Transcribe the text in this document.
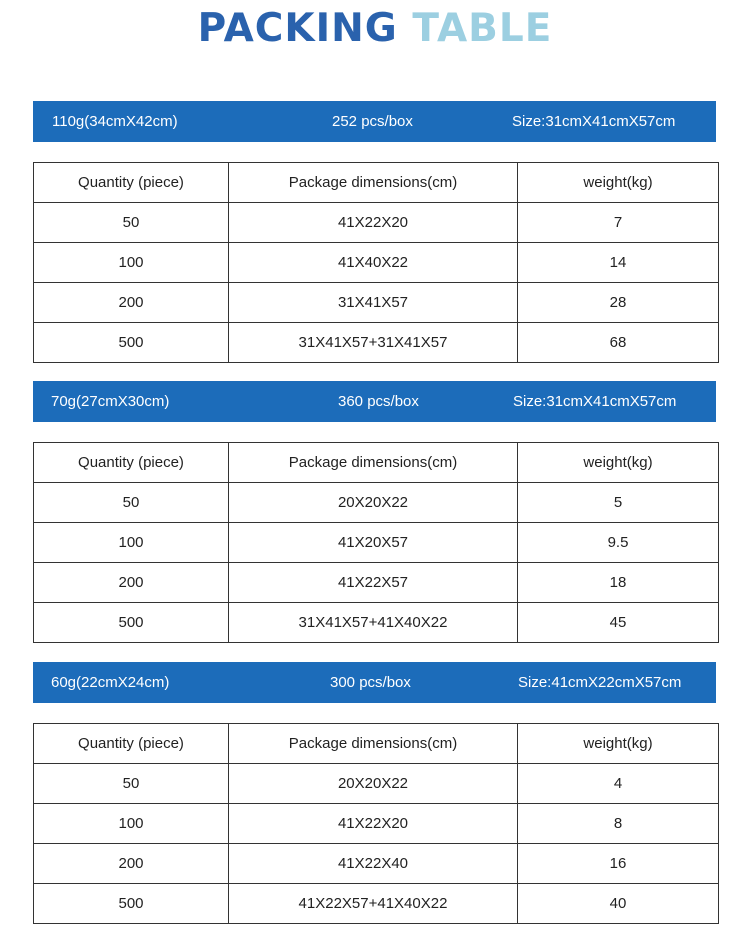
PACKING TABLE
110g(34cmX42cm)	252 pcs/box	Size:31cmX41cmX57cm
Quantity (piece)	Package dimensions(cm)	weight(kg)
50	41X22X20	7
100	41X40X22	14
200	31X41X57	28
500	31X41X57+31X41X57	68
70g(27cmX30cm)	360 pcs/box	Size:31cmX41cmX57cm
Quantity (piece)	Package dimensions(cm)	weight(kg)
50	20X20X22	5
100	41X20X57	9.5
200	41X22X57	18
500	31X41X57+41X40X22	45
60g(22cmX24cm)	300 pcs/box	Size:41cmX22cmX57cm
Quantity (piece)	Package dimensions(cm)	weight(kg)
50	20X20X22	4
100	41X22X20	8
200	41X22X40	16
500	41X22X57+41X40X22	40
